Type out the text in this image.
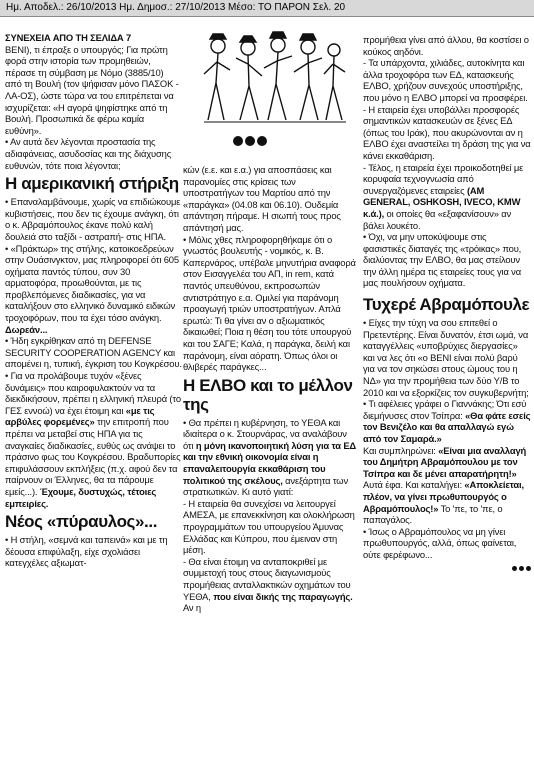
Ημ. Αποδελ.: 26/10/2013 Ημ. Δημοσ.: 27/10/2013 Μέσο: ΤΟ ΠΑΡΟΝ Σελ. 20
ΣΥΝΕΧΕΙΑ ΑΠΟ ΤΗ ΣΕΛΙΔΑ 7

BENI), τι έπραξε ο υπουργός; Για πρώτη φορά στην ιστορία των προμηθειών, πέρασε τη σύμβαση με Νόμο (3885/10) από τη Βουλή (τον ψήφισαν μόνο ΠΑΣΟΚ - ΛΑ-ΟΣ), ώστε τώρα να του επιτρέπεται να ισχυρίζεται: «Η αγορά ψηφίστηκε από τη Βουλή. Προσωπικά δε φέρω καμία ευθύνη».

• Αν αυτά δεν λέγονται προστασία της αδιαφάνειας, ασυδοσίας και της διάχυσης ευθυνών, τότε ποια λέγονται;

Η αμερικανική στήριξη

• Επαναλαμβάνουμε, χωρίς να επιδιώκουμε κυβιστήσεις, που δεν τις έχουμε ανάγκη, ότι ο κ. Αβραμόπουλος έκανε πολύ καλή δουλειά στο ταξίδι - αστραπή- στις ΗΠΑ.

• «Πράκτωρ» της στήλης, κατοικοεδρεύων στην Ουάσινγκτον, μας πληροφορεί ότι 605 οχήματα παντός τύπου, συν 30 αρματοφόρα, προωθούνται, με τις προβλεπόμενες διαδικασίες, για να καταλήξουν στο ελληνικό δυναμικό ειδικών τροχοφόρων, που τα έχει τόσο ανάγκη. Δωρεάν...

• Ήδη εγκρίθηκαν από τη DEFENSE SECURITY COOPERATION AGENCY και απομένει η, τυπική, έγκριση του Κογκρέσου.

• Για να προλάβουμε τυχόν «ξένες δυνάμεις» που καιροφυλακτούν να τα διεκδικήσουν, πρέπει η ελληνική πλευρά (το ΓΕΣ εννοώ) να έχει έτοιμη και «με τις αρβύλες φορεμένες» την επιτροπή που πρέπει να μεταβεί στις ΗΠΑ για τις αναγκαίες διαδικασίες, ευθύς ως ανάψει το πράσινο φως του Κογκρέσου. Βραδυπορίες επιφυλάσσουν εκπλήξεις (π.χ. αφού δεν τα παίρνουν οι Έλληνες, θα τα πάρουμε εμείς...). Έχουμε, δυστυχώς, τέτοιες εμπειρίες.

Νέος «πύραυλος»...

• Η στήλη, «σεμνά και ταπεινά» και με τη δέουσα επιφύλαξη, είχε σχολιάσει κατεγχέλες αξιωματ-

κών (ε.ε. και ε.α.) για αποσπάσεις και παρανομίες στις κρίσεις των υποστρατήγων του Μαρτίου από την «παράγκα» (04.08 και 06.10). Ουδεμία απάντηση πήραμε. Η σιωπή τους προς απάντησή μας.

• Μόλις χθες πληροφορηθήκαμε ότι ο γνωστός βουλευτής - νομικός, κ. Β. Καπερνάρος, υπέβαλε μηνυτήρια αναφορά στον Εισαγγελέα του ΑΠ, in rem, κατά παντός υπευθύνου, εκπροσωπών αντιστράτηγο ε.α. Ομιλεί για παράνομη προαγωγή τριών υποστρατήγων. Απλά ερωτώ: Τι θα γίνει αν ο αξιωματικός δικαιωθεί; Ποια η θέση του τότε υπουργού και του ΣΑΓΕ; Καλά, η παράγκα, δειλή και παράνομη, είναι αόρατη. Όπως όλοι οι θλιβερές παράγκες...

Η ΕΛΒΟ και το μέλλον της

• Θα πρέπει η κυβέρνηση, το ΥΕΘΑ και ιδιαίτερα ο κ. Στουρνάρας, να αναλάβουν ότι η μόνη ικανοποιητική λύση για τα ΕΔ και την εθνική οικονομία είναι η επαναλειτουργία εκκαθάριση του πολιτικού της σκέλους, ανεξάρτητα των στρατιωτικών. Κι αυτό γιατί:

- Η εταιρεία θα συνεχίσει να λειτουργεί ΑΜΕΣΑ, με επανεκκίνηση και ολοκλήρωση προγραμμάτων του υπουργείου Άμυνας Ελλάδας και Κύπρου, που έμειναν στη μέση.

- Θα είναι έτοιμη να ανταποκριθεί με συμμετοχή τους στους διαγωνισμούς προμήθειας ανταλλακτικών οχημάτων του ΥΕΘΑ, που είναι δικής της παραγωγής. Αν η

προμήθεια γίνει από άλλου, θα κοστίσει ο κούκος αηδόνι.

- Τα υπάρχοντα, χιλιάδες, αυτοκίνητα και άλλα τροχοφόρα των ΕΔ, κατασκευής ΕΛΒΟ, χρήζουν συνεχούς υποστήριξης, που μόνο η ΕΛΒΟ μπορεί να προσφέρει.

- Η εταιρεία έχει υποβάλλει προσφορές σημαντικών κατασκευών σε ξένες ΕΔ (όπως του Ιράκ), που ακυρώνονται αν η ΕΛΒΟ έχει αναστείλει τη δράση της για να κάνει εκκαθάριση.

- Τέλος, η εταιρεία έχει προικοδοτηθεί με κορυφαία τεχνογνωσία από συνεργαζόμενες εταιρείες (AM GENERAL, OSHKOSH, IVECO, KMW κ.ά.), οι οποίες θα «εξαφανίσουν» αν βάλει λουκέτο.

• Όχι, να μην υποκύψουμε στις φασιστικές διαταγές της «τρόικας» που, διαλύοντας την ΕΛΒΟ, θα μας στείλουν την άλλη ημέρα τις εταιρείες τους για να μας πουλήσουν οχήματα.

Τυχερέ Αβραμόπουλε

• Είχες την τύχη να σου επιτεθεί ο Πρετεντέρης. Είναι δυνατόν, έτσι ωμά, να καταγγέλλεις «υποβρύχιες διεργασίες» και να λες ότι «ο ΒΕΝΙ είναι πολύ βαρύ για να τον σηκώσει στους ώμους του η ΝΔ» για την προμήθεια των δύο Υ/Β το 2010 και να εξορκίζεις τον συγκυβερνήτη;

• Τι αφέλειες γράφει ο Γιαννάκης; Ότι εσύ διεμήνυσες στον Τσίπρα: «Θα φάτε εσείς τον Βενιζέλο και θα απαλλαγώ εγώ από τον Σαμαρά.»

Και συμπληρώνει: «Είναι μια αναλλαγή του Δημήτρη Αβραμόπουλου με τον Τσίπρα και δε μένει απαρατήρητη!» Αυτά έφα. Και καταλήγει: «Αποκλείεται, πλέον, να γίνει πρωθυπουργός ο Αβραμόπουλος!» Το 'πε, το 'πε, ο παπαγάλος.

• Ίσως ο Αβραμόπουλος να μη γίνει πρωθυπουργός, αλλά, όπως φαίνεται, ούτε φερέφωνο...
